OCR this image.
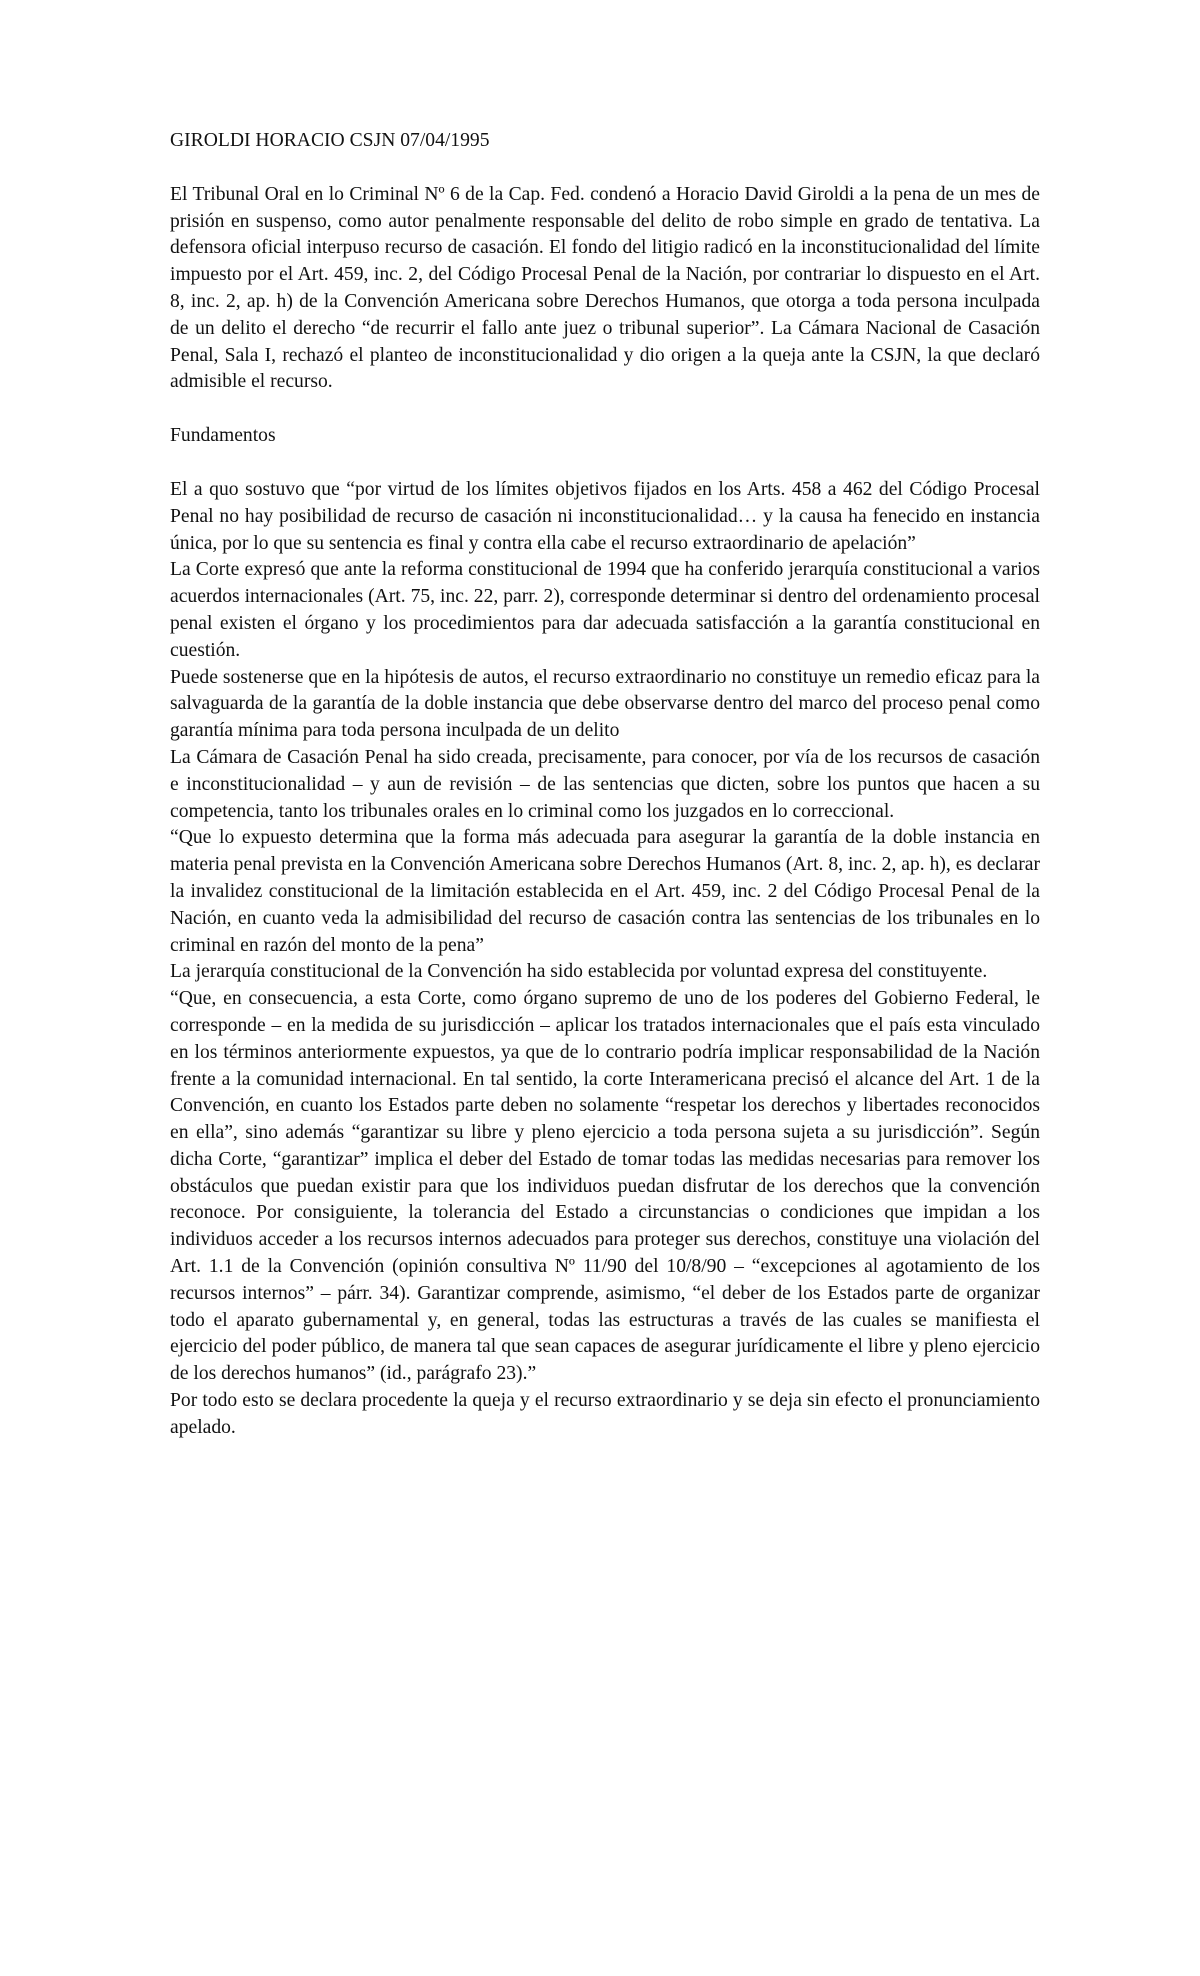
GIROLDI HORACIO CSJN 07/04/1995

El Tribunal Oral en lo Criminal Nº 6 de la Cap. Fed. condenó a Horacio David Giroldi a la pena de un mes de prisión en suspenso, como autor penalmente responsable del delito de robo simple en grado de tentativa. La defensora oficial interpuso recurso de casación. El fondo del litigio radicó en la inconstitucionalidad del límite impuesto por el Art. 459, inc. 2, del Código Procesal Penal de la Nación, por contrariar lo dispuesto en el Art. 8, inc. 2, ap. h) de la Convención Americana sobre Derechos Humanos, que otorga a toda persona inculpada de un delito el derecho “de recurrir el fallo ante juez o tribunal superior”. La Cámara Nacional de Casación Penal, Sala I, rechazó el planteo de inconstitucionalidad y dio origen a la queja ante la CSJN, la que declaró admisible el recurso.

Fundamentos

El a quo sostuvo que “por virtud de los límites objetivos fijados en los Arts. 458 a 462 del Código Procesal Penal no hay posibilidad de recurso de casación ni inconstitucionalidad… y la causa ha fenecido en instancia única, por lo que su sentencia es final y contra ella cabe el recurso extraordinario de apelación”

La Corte expresó que ante la reforma constitucional de 1994 que ha conferido jerarquía constitucional a varios acuerdos internacionales (Art. 75, inc. 22, parr. 2), corresponde determinar si dentro del ordenamiento procesal penal existen el órgano y los procedimientos para dar adecuada satisfacción a la garantía constitucional en cuestión.

Puede sostenerse que en la hipótesis de autos, el recurso extraordinario no constituye un remedio eficaz para la salvaguarda de la garantía de la doble instancia que debe observarse dentro del marco del proceso penal como garantía mínima para toda persona inculpada de un delito

La Cámara de Casación Penal ha sido creada, precisamente, para conocer, por vía de los recursos de casación e inconstitucionalidad – y aun de revisión – de las sentencias que dicten, sobre los puntos que hacen a su competencia, tanto los tribunales orales en lo criminal como los juzgados en lo correccional.

“Que lo expuesto determina que la forma más adecuada para asegurar la garantía de la doble instancia en materia penal prevista en la Convención Americana sobre Derechos Humanos (Art. 8, inc. 2, ap. h), es declarar la invalidez constitucional de la limitación establecida en el Art. 459, inc. 2 del Código Procesal Penal de la Nación, en cuanto veda la admisibilidad del recurso de casación contra las sentencias de los tribunales en lo criminal en razón del monto de la pena”

La jerarquía constitucional de la Convención ha sido establecida por voluntad expresa del constituyente.

“Que, en consecuencia, a esta Corte, como órgano supremo de uno de los poderes del Gobierno Federal, le corresponde – en la medida de su jurisdicción – aplicar los tratados internacionales que el país esta vinculado en los términos anteriormente expuestos, ya que de lo contrario podría implicar responsabilidad de la Nación frente a la comunidad internacional. En tal sentido, la corte Interamericana precisó el alcance del Art. 1 de la Convención, en cuanto los Estados parte deben no solamente “respetar los derechos y libertades reconocidos en ella”, sino además “garantizar su libre y pleno ejercicio a toda persona sujeta a su jurisdicción”. Según dicha Corte, “garantizar” implica el deber del Estado de tomar todas las medidas necesarias para remover los obstáculos que puedan existir para que los individuos puedan disfrutar de los derechos que la convención reconoce. Por consiguiente, la tolerancia del Estado a circunstancias o condiciones que impidan a los individuos acceder a los recursos internos adecuados para proteger sus derechos, constituye una violación del Art. 1.1 de la Convención (opinión consultiva Nº 11/90 del 10/8/90 – “excepciones al agotamiento de los recursos internos” – párr. 34). Garantizar comprende, asimismo, “el deber de los Estados parte de organizar todo el aparato gubernamental y, en general, todas las estructuras a través de las cuales se manifiesta el ejercicio del poder público, de manera tal que sean capaces de asegurar jurídicamente el libre y pleno ejercicio de los derechos humanos” (id., parágrafo 23).”

Por todo esto se declara procedente la queja y el recurso extraordinario y se deja sin efecto el pronunciamiento apelado.
